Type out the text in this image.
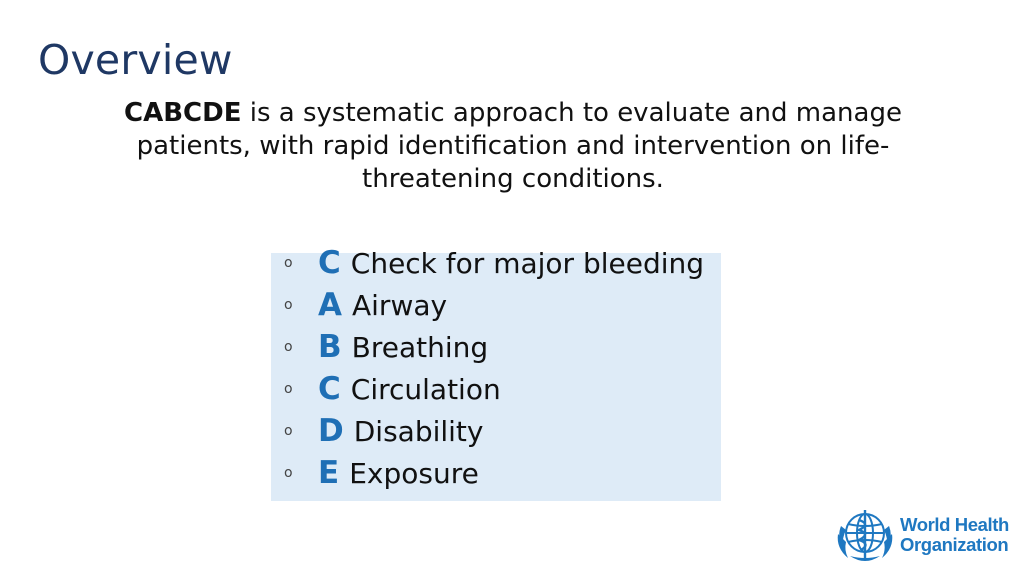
Overview
CABCDE is a systematic approach to evaluate and manage patients, with rapid identification and intervention on life-threatening conditions.
o C Check for major bleeding
o A Airway
o B Breathing
o C Circulation
o D Disability
o E Exposure
World Health
Organization
